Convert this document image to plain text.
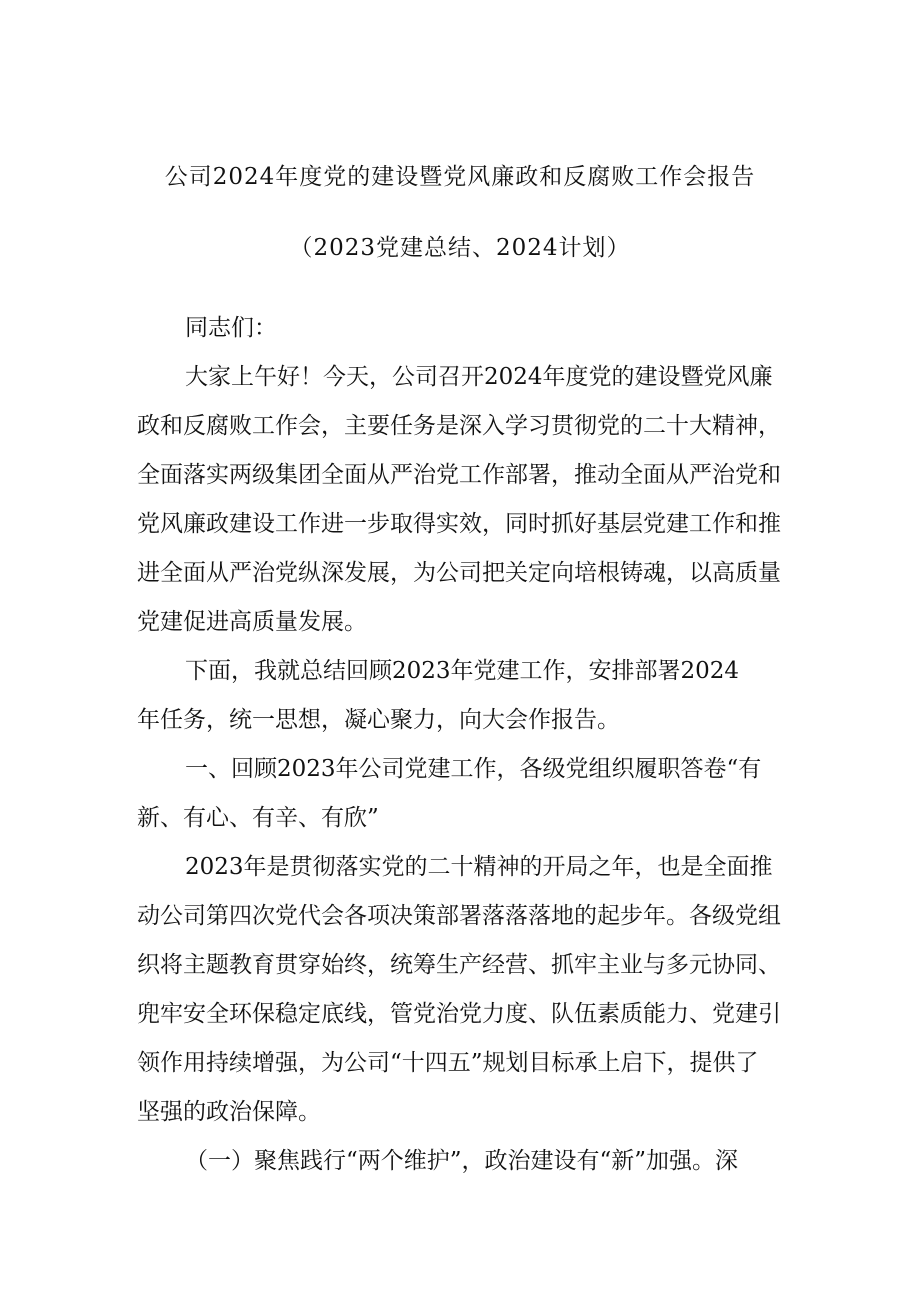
公司2024年度党的建设暨党风廉政和反腐败工作会报告
（2023党建总结、2024计划）
同志们：
大家上午好！今天，公司召开2024年度党的建设暨党风廉
政和反腐败工作会，主要任务是深入学习贯彻党的二十大精神，
全面落实两级集团全面从严治党工作部署，推动全面从严治党和
党风廉政建设工作进一步取得实效，同时抓好基层党建工作和推
进全面从严治党纵深发展，为公司把关定向培根铸魂，以高质量
党建促进高质量发展。
下面，我就总结回顾2023年党建工作，安排部署2024
年任务，统一思想，凝心聚力，向大会作报告。
一、回顾2023年公司党建工作，各级党组织履职答卷“有
新、有心、有辛、有欣”
2023年是贯彻落实党的二十精神的开局之年，也是全面推
动公司第四次党代会各项决策部署落落落地的起步年。各级党组
织将主题教育贯穿始终，统筹生产经营、抓牢主业与多元协同、
兜牢安全环保稳定底线，管党治党力度、队伍素质能力、党建引
领作用持续增强，为公司“十四五”规划目标承上启下，提供了
坚强的政治保障。
（一）聚焦践行“两个维护”，政治建设有“新”加强。深
